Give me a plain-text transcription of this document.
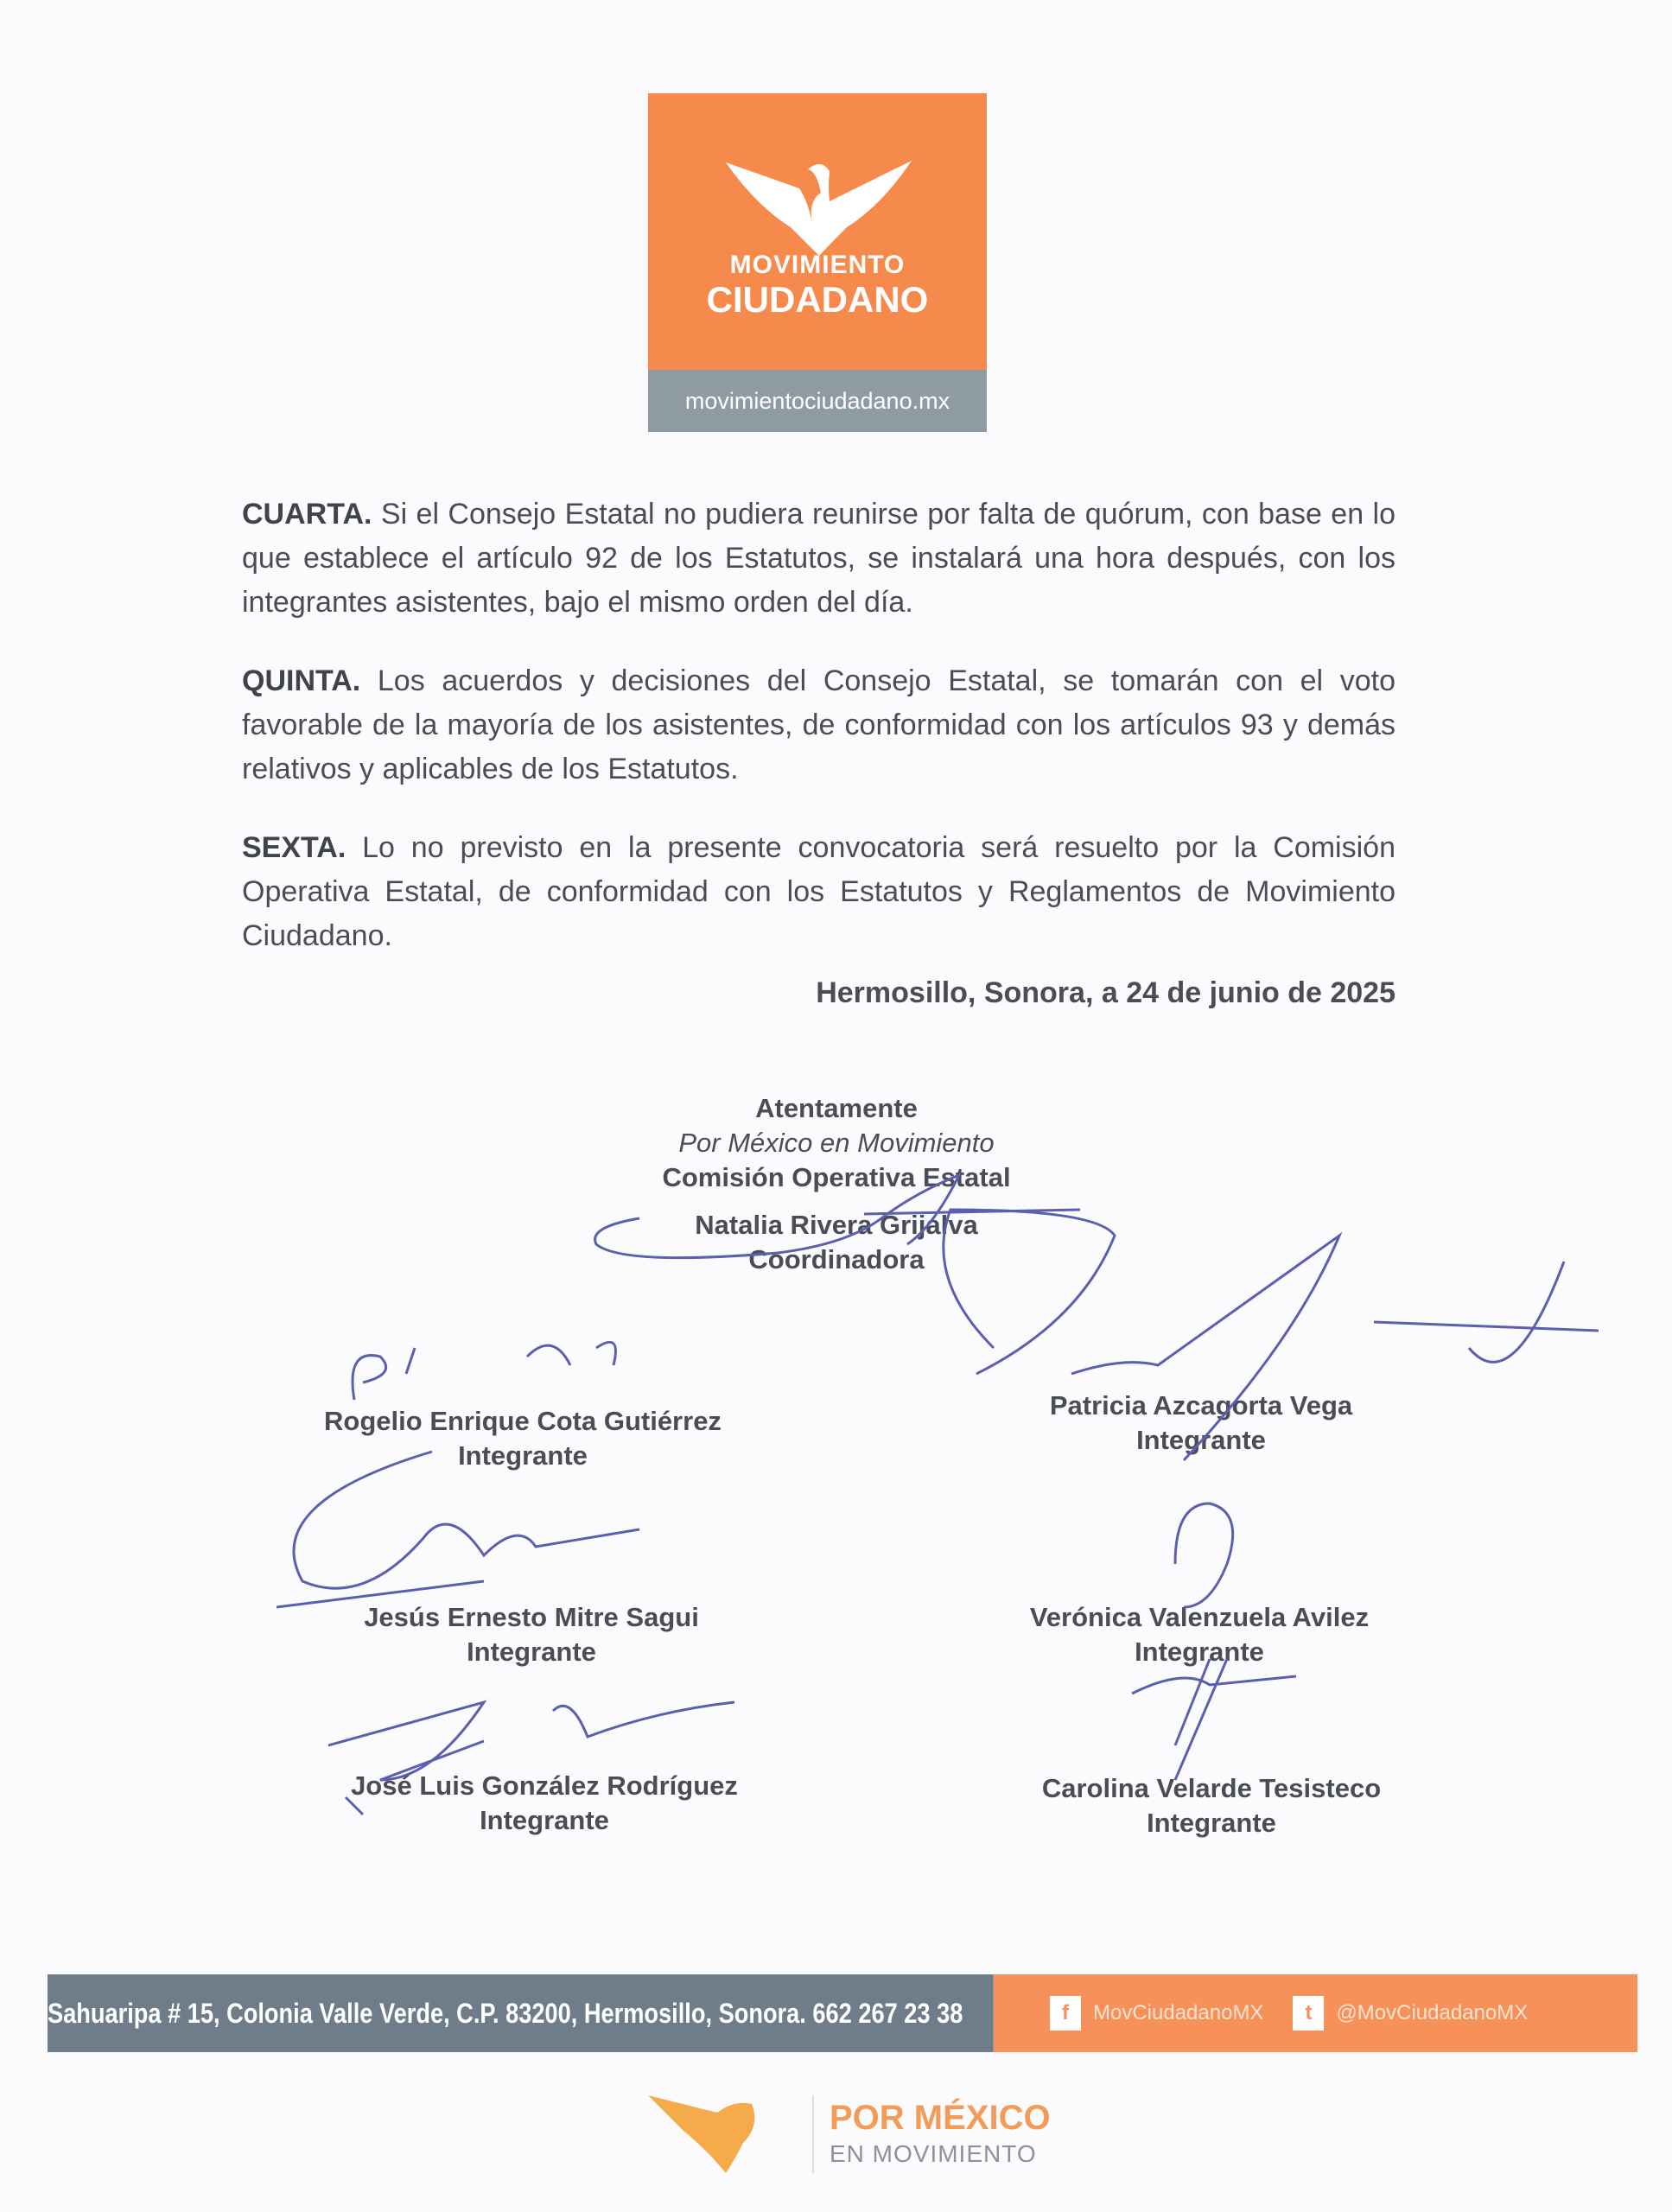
MOVIMIENTO
CIUDADANO
movimientociudadano.mx

CUARTA. Si el Consejo Estatal no pudiera reunirse por falta de quórum, con base en lo que establece el artículo 92 de los Estatutos, se instalará una hora después, con los integrantes asistentes, bajo el mismo orden del día.

QUINTA. Los acuerdos y decisiones del Consejo Estatal, se tomarán con el voto favorable de la mayoría de los asistentes, de conformidad con los artículos 93 y demás relativos y aplicables de los Estatutos.

SEXTA. Lo no previsto en la presente convocatoria será resuelto por la Comisión Operativa Estatal, de conformidad con los Estatutos y Reglamentos de Movimiento Ciudadano.

Hermosillo, Sonora, a 24 de junio de 2025
Atentamente
Por México en Movimiento
Comisión Operativa Estatal
Natalia Rivera Grijalva
Coordinadora
Rogelio Enrique Cota Gutiérrez
Integrante
Patricia Azcagorta Vega
Integrante
Jesús Ernesto Mitre Sagui
Integrante
Verónica Valenzuela Avilez
Integrante
José Luis González Rodríguez
Integrante
Carolina Velarde Tesisteco
Integrante
Sahuaripa # 15, Colonia Valle Verde, C.P. 83200, Hermosillo, Sonora. 662 267 23 38	f	MovCiudadanoMX	t	@MovCiudadanoMX
POR MÉXICO
EN MOVIMIENTO
